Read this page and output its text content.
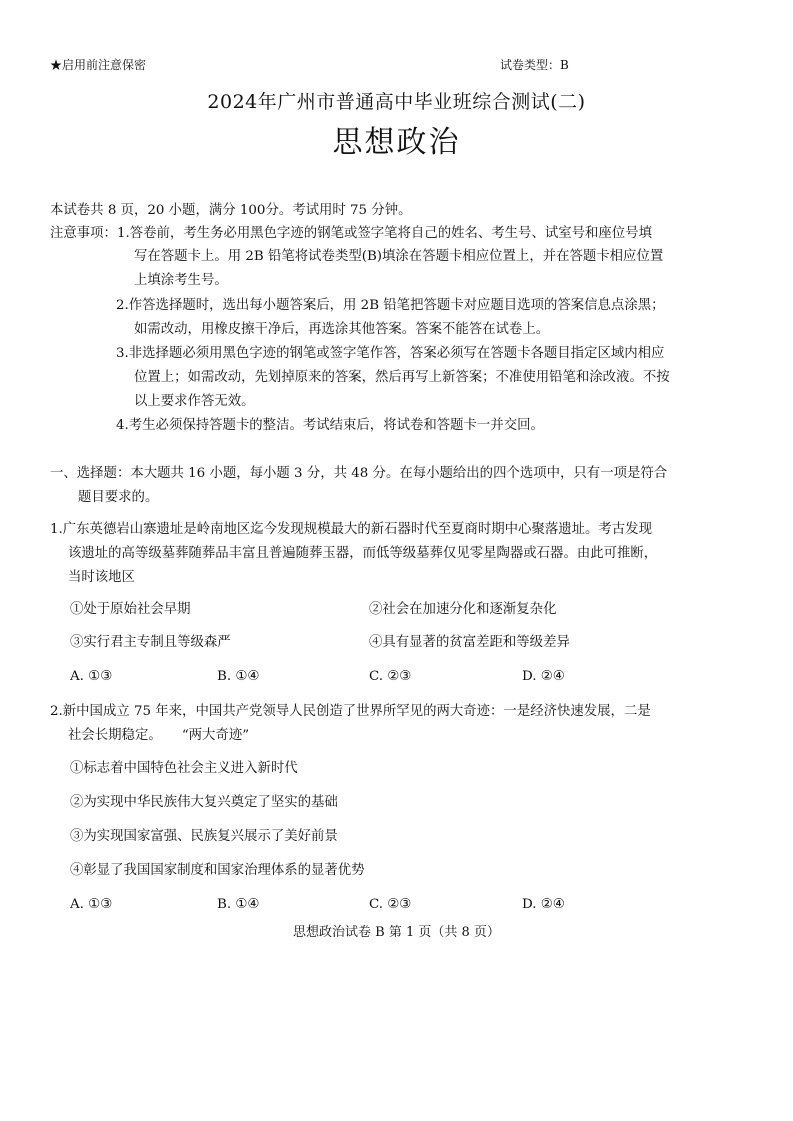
★启用前注意保密	试卷类型：B

2024年广州市普通高中毕业班综合测试(二)

思想政治

本试卷共 8 页，20 小题，满分 100分。考试用时 75 分钟。

注意事项：1.答卷前，考生务必用黑色字迹的钢笔或签字笔将自己的姓名、考生号、试室号和座位号填

写在答题卡上。用 2B 铅笔将试卷类型(B)填涂在答题卡相应位置上，并在答题卡相应位置

上填涂考生号。

2.作答选择题时，选出每小题答案后，用 2B 铅笔把答题卡对应题目选项的答案信息点涂黑；

如需改动，用橡皮擦干净后，再选涂其他答案。答案不能答在试卷上。

3.非选择题必须用黑色字迹的钢笔或签字笔作答，答案必须写在答题卡各题目指定区域内相应

位置上；如需改动，先划掉原来的答案，然后再写上新答案；不准使用铅笔和涂改液。不按

以上要求作答无效。

4.考生必须保持答题卡的整洁。考试结束后，将试卷和答题卡一并交回。

一、选择题：本大题共 16 小题，每小题 3 分，共 48 分。在每小题给出的四个选项中，只有一项是符合

题目要求的。

1.广东英德岩山寨遗址是岭南地区迄今发现规模最大的新石器时代至夏商时期中心聚落遗址。考古发现

该遗址的高等级墓葬随葬品丰富且普遍随葬玉器，而低等级墓葬仅见零星陶器或石器。由此可推断，

当时该地区

①处于原始社会早期	②社会在加速分化和逐渐复杂化

③实行君主专制且等级森严	④具有显著的贫富差距和等级差异

A. ①③	B. ①④	C. ②③	D. ②④

2.新中国成立 75 年来，中国共产党领导人民创造了世界所罕见的两大奇迹：一是经济快速发展，二是

社会长期稳定。　　“两大奇迹”

①标志着中国特色社会主义进入新时代

②为实现中华民族伟大复兴奠定了坚实的基础

③为实现国家富强、民族复兴展示了美好前景

④彰显了我国国家制度和国家治理体系的显著优势

A. ①③	B. ①④	C. ②③	D. ②④

思想政治试卷 B 第 1 页（共 8 页）
